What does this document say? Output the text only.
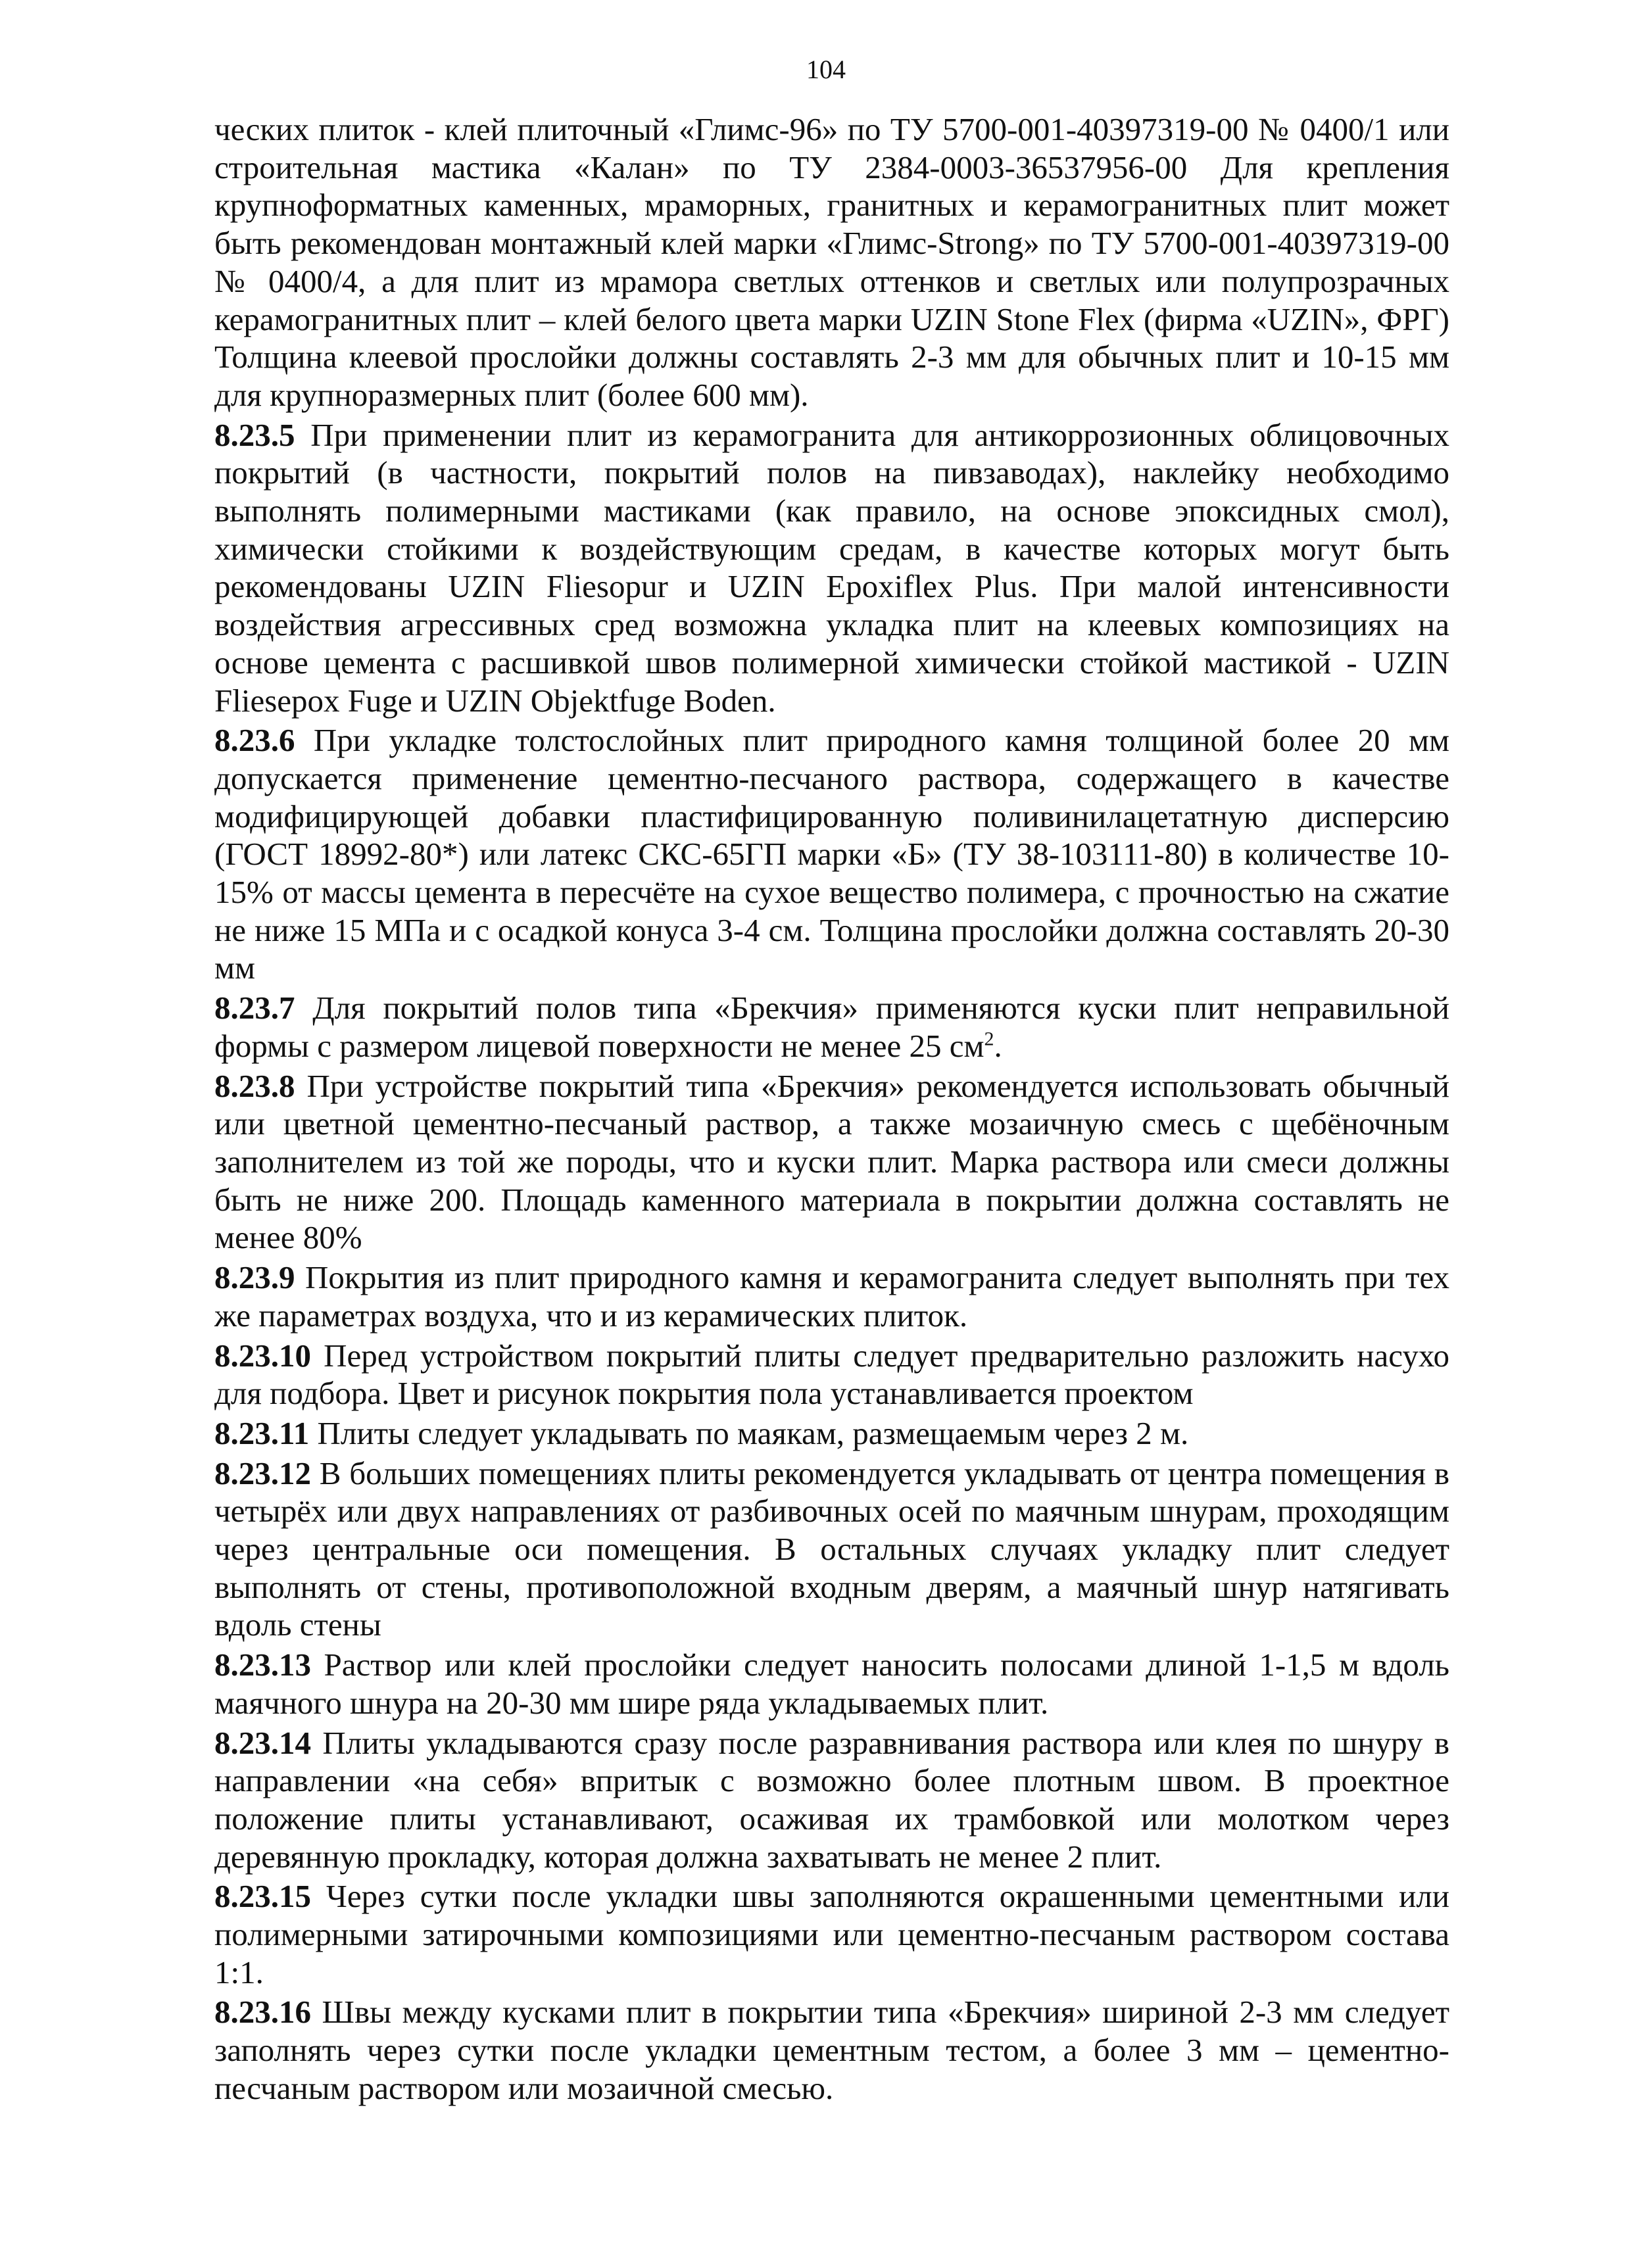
104

ческих плиток - клей плиточный «Глимс-96» по ТУ 5700-001-40397319-00 № 0400/1 или строительная мастика «Калан» по ТУ 2384-0003-36537956-00 Для крепления крупноформатных каменных, мраморных, гранитных и керамогранитных плит может быть рекомендован монтажный клей марки «Глимс-Strong» по ТУ 5700-001-40397319-00 № 0400/4, а для плит из мрамора светлых оттенков и светлых или полупрозрачных керамогранитных плит – клей белого цвета марки UZIN Stone Flex (фирма «UZIN», ФРГ) Толщина клеевой прослойки должны составлять 2-3 мм для обычных плит и 10-15 мм для крупноразмерных плит (более 600 мм).

8.23.5 При применении плит из керамогранита для антикоррозионных облицовочных покрытий (в частности, покрытий полов на пивзаводах), наклейку необходимо выполнять полимерными мастиками (как правило, на основе эпоксидных смол), химически стойкими к воздействующим средам, в качестве которых могут быть рекомендованы UZIN Fliesopur и UZIN Epoxiflex Plus. При малой интенсивности воздействия агрессивных сред возможна укладка плит на клеевых композициях на основе цемента с расшивкой швов полимерной химически стойкой мастикой - UZIN Fliesepox Fuge и UZIN Objektfuge Boden.

8.23.6 При укладке толстослойных плит природного камня толщиной более 20 мм допускается применение цементно-песчаного раствора, содержащего в качестве модифицирующей добавки пластифицированную поливинилацетатную дисперсию (ГОСТ 18992-80*) или латекс СКС-65ГП марки «Б» (ТУ 38-103111-80) в количестве 10-15% от массы цемента в пересчёте на сухое вещество полимера, с прочностью на сжатие не ниже 15 МПа и с осадкой конуса 3-4 см. Толщина прослойки должна составлять 20-30 мм

8.23.7 Для покрытий полов типа «Брекчия» применяются куски плит неправильной формы с размером лицевой поверхности не менее 25 $см^2$.

8.23.8 При устройстве покрытий типа «Брекчия» рекомендуется использовать обычный или цветной цементно-песчаный раствор, а также мозаичную смесь с щебёночным заполнителем из той же породы, что и куски плит. Марка раствора или смеси должны быть не ниже 200. Площадь каменного материала в покрытии должна составлять не менее 80%

8.23.9 Покрытия из плит природного камня и керамогранита следует выполнять при тех же параметрах воздуха, что и из керамических плиток.

8.23.10 Перед устройством покрытий плиты следует предварительно разложить насухо для подбора. Цвет и рисунок покрытия пола устанавливается проектом

8.23.11 Плиты следует укладывать по маякам, размещаемым через 2 м.

8.23.12 В больших помещениях плиты рекомендуется укладывать от центра помещения в четырёх или двух направлениях от разбивочных осей по маячным шнурам, проходящим через центральные оси помещения. В остальных случаях укладку плит следует выполнять от стены, противоположной входным дверям, а маячный шнур натягивать вдоль стены

8.23.13 Раствор или клей прослойки следует наносить полосами длиной 1-1,5 м вдоль маячного шнура на 20-30 мм шире ряда укладываемых плит.

8.23.14 Плиты укладываются сразу после разравнивания раствора или клея по шнуру в направлении «на себя» впритык с возможно более плотным швом. В проектное положение плиты устанавливают, осаживая их трамбовкой или молотком через деревянную прокладку, которая должна захватывать не менее 2 плит.

8.23.15 Через сутки после укладки швы заполняются окрашенными цементными или полимерными затирочными композициями или цементно-песчаным раствором состава 1:1.

8.23.16 Швы между кусками плит в покрытии типа «Брекчия» шириной 2-3 мм следует заполнять через сутки после укладки цементным тестом, а более 3 мм – цементно-песчаным раствором или мозаичной смесью.
